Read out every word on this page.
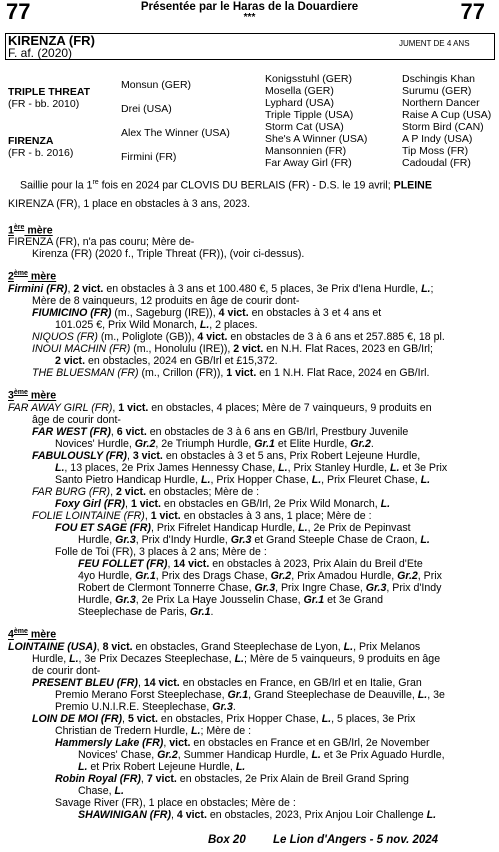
77	77
Présentée par le Haras de la Douardiere
***
KIRENZA (FR)
F. af. (2020)
JUMENT DE 4 ANS
TRIPLE THREAT
(FR - bb. 2010)
FIRENZA
(FR - b. 2016)
Monsun (GER)
Drei (USA)
Alex The Winner (USA)
Firmini (FR)
Konigsstuhl (GER)
Mosella (GER)
Lyphard (USA)
Triple Tipple (USA)
Storm Cat (USA)
She's A Winner (USA)
Mansonnien (FR)
Far Away Girl (FR)
Dschingis Khan
Surumu (GER)
Northern Dancer
Raise A Cup (USA)
Storm Bird (CAN)
A P Indy (USA)
Tip Moss (FR)
Cadoudal (FR)
Saillie pour la 1re fois en 2024 par CLOVIS DU BERLAIS (FR) - D.S. le 19 avril; PLEINE
KIRENZA (FR), 1 place en obstacles à 3 ans, 2023.
1ère mère
FIRENZA (FR), n'a pas couru; Mère de-
Kirenza (FR) (2020 f., Triple Threat (FR)), (voir ci-dessus).
2ème mère
Firmini (FR), 2 vict. en obstacles à 3 ans et 100.480 €, 5 places, 3e Prix d'Iena Hurdle, L.;
Mère de 8 vainqueurs, 12 produits en âge de courir dont-
FIUMICINO (FR) (m., Sageburg (IRE)), 4 vict. en obstacles à 3 et 4 ans et
101.025 €, Prix Wild Monarch, L., 2 places.
NIQUOS (FR) (m., Poliglote (GB)), 4 vict. en obstacles de 3 à 6 ans et 257.885 €, 18 pl.
INOUI MACHIN (FR) (m., Honolulu (IRE)), 2 vict. en N.H. Flat Races, 2023 en GB/Irl;
2 vict. en obstacles, 2024 en GB/Irl et £15,372.
THE BLUESMAN (FR) (m., Crillon (FR)), 1 vict. en 1 N.H. Flat Race, 2024 en GB/Irl.
3ème mère
FAR AWAY GIRL (FR), 1 vict. en obstacles, 4 places; Mère de 7 vainqueurs, 9 produits en
âge de courir dont-
FAR WEST (FR), 6 vict. en obstacles de 3 à 6 ans en GB/Irl, Prestbury Juvenile
Novices' Hurdle, Gr.2, 2e Triumph Hurdle, Gr.1 et Elite Hurdle, Gr.2.
FABULOUSLY (FR), 3 vict. en obstacles à 3 et 5 ans, Prix Robert Lejeune Hurdle,
L., 13 places, 2e Prix James Hennessy Chase, L., Prix Stanley Hurdle, L. et 3e Prix
Santo Pietro Handicap Hurdle, L., Prix Hopper Chase, L., Prix Fleuret Chase, L.
FAR BURG (FR), 2 vict. en obstacles; Mère de :
Foxy Girl (FR), 1 vict. en obstacles en GB/Irl, 2e Prix Wild Monarch, L.
FOLIE LOINTAINE (FR), 1 vict. en obstacles à 3 ans, 1 place; Mère de :
FOU ET SAGE (FR), Prix Fifrelet Handicap Hurdle, L., 2e Prix de Pepinvast
Hurdle, Gr.3, Prix d'Indy Hurdle, Gr.3 et Grand Steeple Chase de Craon, L.
Folle de Toi (FR), 3 places à 2 ans; Mère de :
FEU FOLLET (FR), 14 vict. en obstacles à 2023, Prix Alain du Breil d'Ete
4yo Hurdle, Gr.1, Prix des Drags Chase, Gr.2, Prix Amadou Hurdle, Gr.2, Prix
Robert de Clermont Tonnerre Chase, Gr.3, Prix Ingre Chase, Gr.3, Prix d'Indy
Hurdle, Gr.3, 2e Prix La Haye Jousselin Chase, Gr.1 et 3e Grand
Steeplechase de Paris, Gr.1.
4ème mère
LOINTAINE (USA), 8 vict. en obstacles, Grand Steeplechase de Lyon, L., Prix Melanos
Hurdle, L., 3e Prix Decazes Steeplechase, L.; Mère de 5 vainqueurs, 9 produits en âge
de courir dont-
PRESENT BLEU (FR), 14 vict. en obstacles en France, en GB/Irl et en Italie, Gran
Premio Merano Forst Steeplechase, Gr.1, Grand Steeplechase de Deauville, L., 3e
Premio U.N.I.R.E. Steeplechase, Gr.3.
LOIN DE MOI (FR), 5 vict. en obstacles, Prix Hopper Chase, L., 5 places, 3e Prix
Christian de Tredern Hurdle, L.; Mère de :
Hammersly Lake (FR), vict. en obstacles en France et en GB/Irl, 2e November
Novices' Chase, Gr.2, Summer Handicap Hurdle, L. et 3e Prix Aguado Hurdle,
L. et Prix Robert Lejeune Hurdle, L.
Robin Royal (FR), 7 vict. en obstacles, 2e Prix Alain de Breil Grand Spring
Chase, L.
Savage River (FR), 1 place en obstacles; Mère de :
SHAWINIGAN (FR), 4 vict. en obstacles, 2023, Prix Anjou Loir Challenge L.
Box 20 Le Lion d'Angers - 5 nov. 2024
